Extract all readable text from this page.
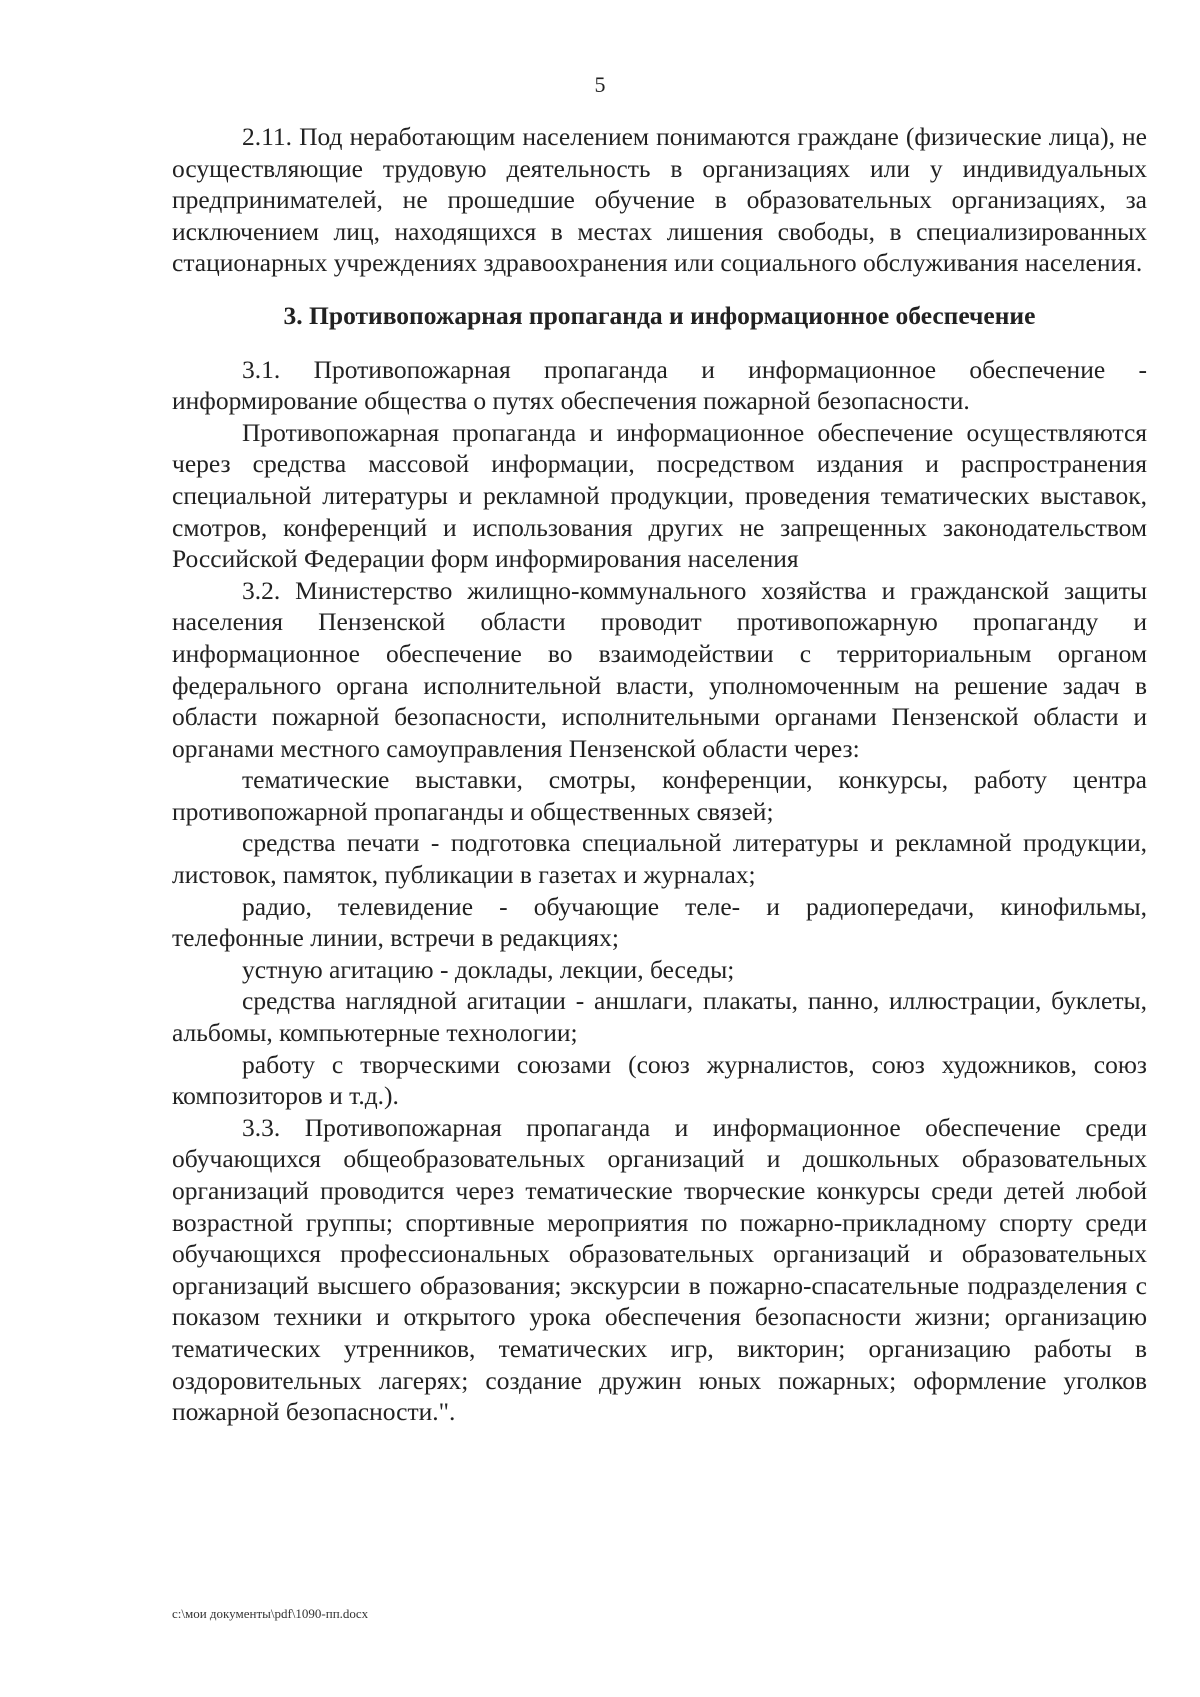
5

2.11. Под неработающим населением понимаются граждане (физические лица), не осуществляющие трудовую деятельность в организациях или у индивидуальных предпринимателей, не прошедшие обучение в образовательных организациях, за исключением лиц, находящихся в местах лишения свободы, в специализированных стационарных учреждениях здравоохранения или социального обслуживания населения.

3. Противопожарная пропаганда и информационное обеспечение

3.1. Противопожарная пропаганда и информационное обеспечение - информирование общества о путях обеспечения пожарной безопасности.

Противопожарная пропаганда и информационное обеспечение осуществляются через средства массовой информации, посредством издания и распространения специальной литературы и рекламной продукции, проведения тематических выставок, смотров, конференций и использования других не запрещенных законодательством Российской Федерации форм информирования населения

3.2. Министерство жилищно-коммунального хозяйства и гражданской защиты населения Пензенской области проводит противопожарную пропаганду и информационное обеспечение во взаимодействии с территориальным органом федерального органа исполнительной власти, уполномоченным на решение задач в области пожарной безопасности, исполнительными органами Пензенской области и органами местного самоуправления Пензенской области через:

тематические выставки, смотры, конференции, конкурсы, работу центра противопожарной пропаганды и общественных связей;

средства печати - подготовка специальной литературы и рекламной продукции, листовок, памяток, публикации в газетах и журналах;

радио, телевидение - обучающие теле- и радиопередачи, кинофильмы, телефонные линии, встречи в редакциях;

устную агитацию - доклады, лекции, беседы;

средства наглядной агитации - аншлаги, плакаты, панно, иллюстрации, буклеты, альбомы, компьютерные технологии;

работу с творческими союзами (союз журналистов, союз художников, союз композиторов и т.д.).

3.3. Противопожарная пропаганда и информационное обеспечение среди обучающихся общеобразовательных организаций и дошкольных образовательных организаций проводится через тематические творческие конкурсы среди детей любой возрастной группы; спортивные мероприятия по пожарно-прикладному спорту среди обучающихся профессиональных образовательных организаций и образовательных организаций высшего образования; экскурсии в пожарно-спасательные подразделения с показом техники и открытого урока обеспечения безопасности жизни; организацию тематических утренников, тематических игр, викторин; организацию работы в оздоровительных лагерях; создание дружин юных пожарных; оформление уголков пожарной безопасности.".

c:\мои документы\pdf\1090-пп.docx
